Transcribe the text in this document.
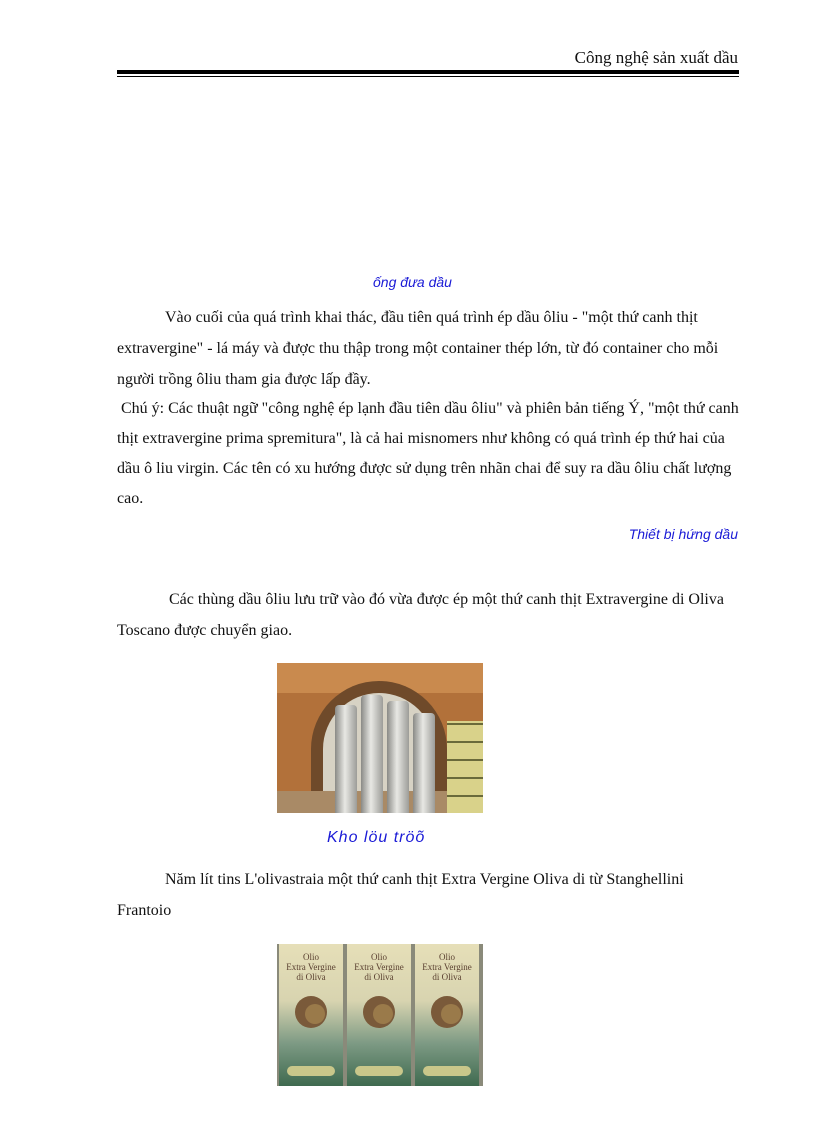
Công nghệ sản xuất dầu
ống đưa dầu

Vào cuối của quá trình khai thác, đầu tiên quá trình ép dầu ôliu - "một thứ canh thịt extravergine" - lá máy và được thu thập trong một container thép lớn, từ đó container cho mỗi người trồng ôliu tham gia được lấp đầy.

Chú ý: Các thuật ngữ "công nghệ ép lạnh đầu tiên dầu ôliu" và phiên bản tiếng Ý, "một thứ canh thịt extravergine prima spremitura", là cả hai misnomers như không có quá trình ép thứ hai của dầu ô liu virgin. Các tên có xu hướng được sử dụng trên nhãn chai để suy ra dầu ôliu chất lượng cao.

Thiết bị hứng dầu

Các thùng dầu ôliu lưu trữ vào đó vừa được ép một thứ canh thịt Extravergine di Oliva Toscano được chuyển giao.

Kho löu tröõ

Năm lít tins L'olivastraia một thứ canh thịt Extra Vergine Oliva di từ Stanghellini Frantoio

Olio
Extra Vergine
di Oliva
Olio
Extra Vergine
di Oliva
Olio
Extra Vergine
di Oliva
